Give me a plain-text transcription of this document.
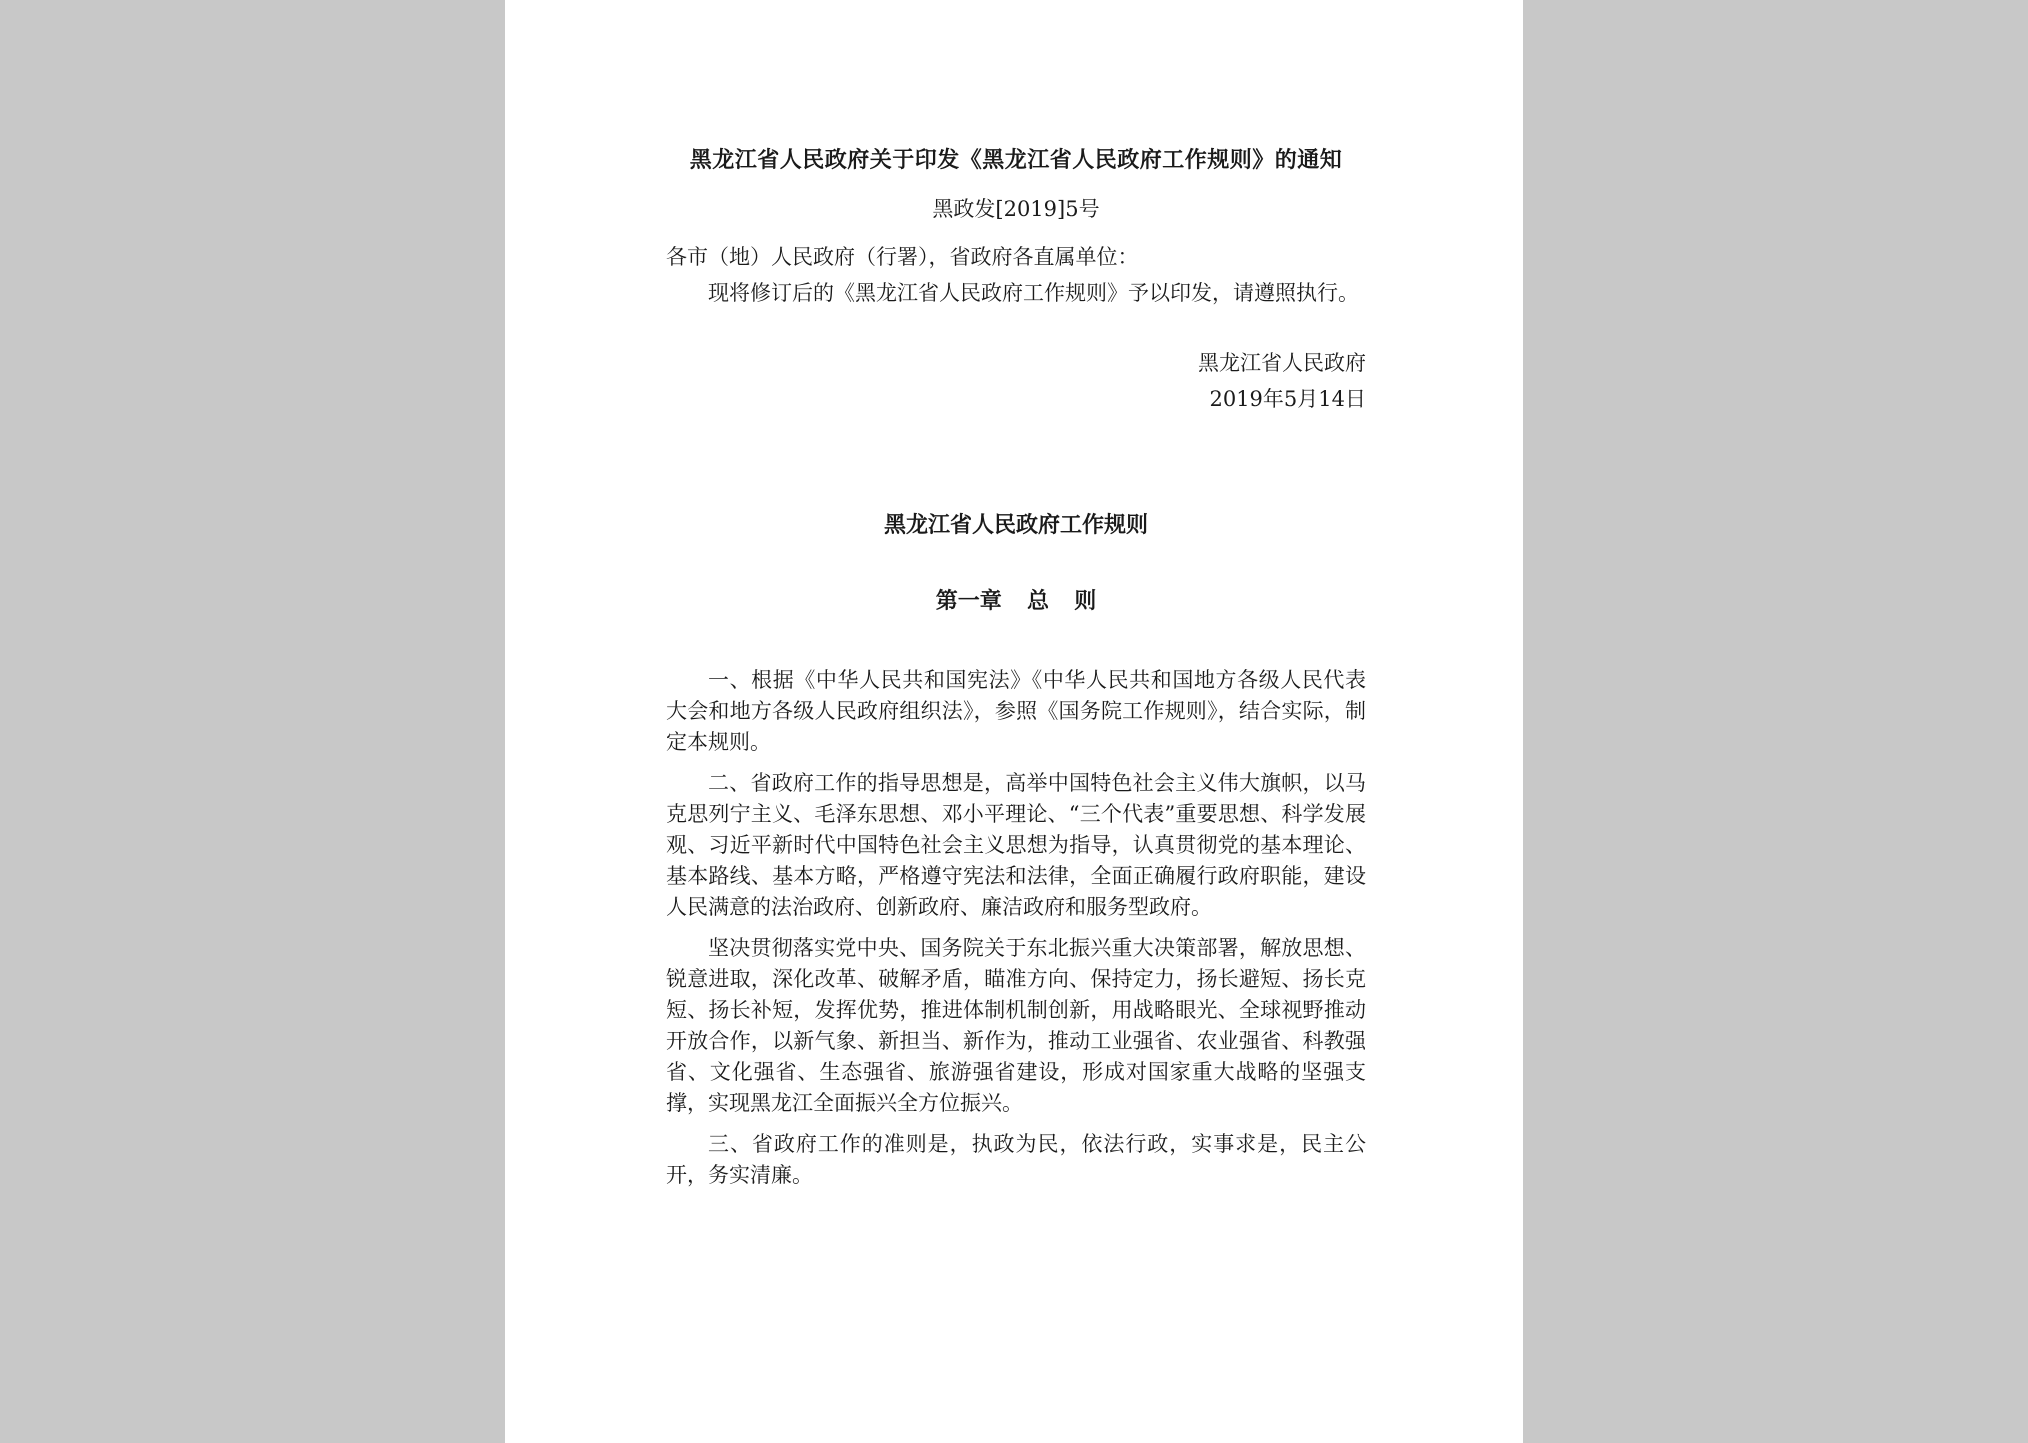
黑龙江省人民政府关于印发《黑龙江省人民政府工作规则》的通知
黑政发[2019]5号
各市（地）人民政府（行署），省政府各直属单位：

现将修订后的《黑龙江省人民政府工作规则》予以印发，请遵照执行。

黑龙江省人民政府

2019年5月14日

黑龙江省人民政府工作规则
第一章 总 则

一、根据《中华人民共和国宪法》《中华人民共和国地方各级人民代表大会和地方各级人民政府组织法》，参照《国务院工作规则》，结合实际，制定本规则。

二、省政府工作的指导思想是，高举中国特色社会主义伟大旗帜，以马克思列宁主义、毛泽东思想、邓小平理论、“三个代表”重要思想、科学发展观、习近平新时代中国特色社会主义思想为指导，认真贯彻党的基本理论、基本路线、基本方略，严格遵守宪法和法律，全面正确履行政府职能，建设人民满意的法治政府、创新政府、廉洁政府和服务型政府。

坚决贯彻落实党中央、国务院关于东北振兴重大决策部署，解放思想、锐意进取，深化改革、破解矛盾，瞄准方向、保持定力，扬长避短、扬长克短、扬长补短，发挥优势，推进体制机制创新，用战略眼光、全球视野推动开放合作，以新气象、新担当、新作为，推动工业强省、农业强省、科教强省、文化强省、生态强省、旅游强省建设，形成对国家重大战略的坚强支撑，实现黑龙江全面振兴全方位振兴。

三、省政府工作的准则是，执政为民，依法行政，实事求是，民主公开，务实清廉。
